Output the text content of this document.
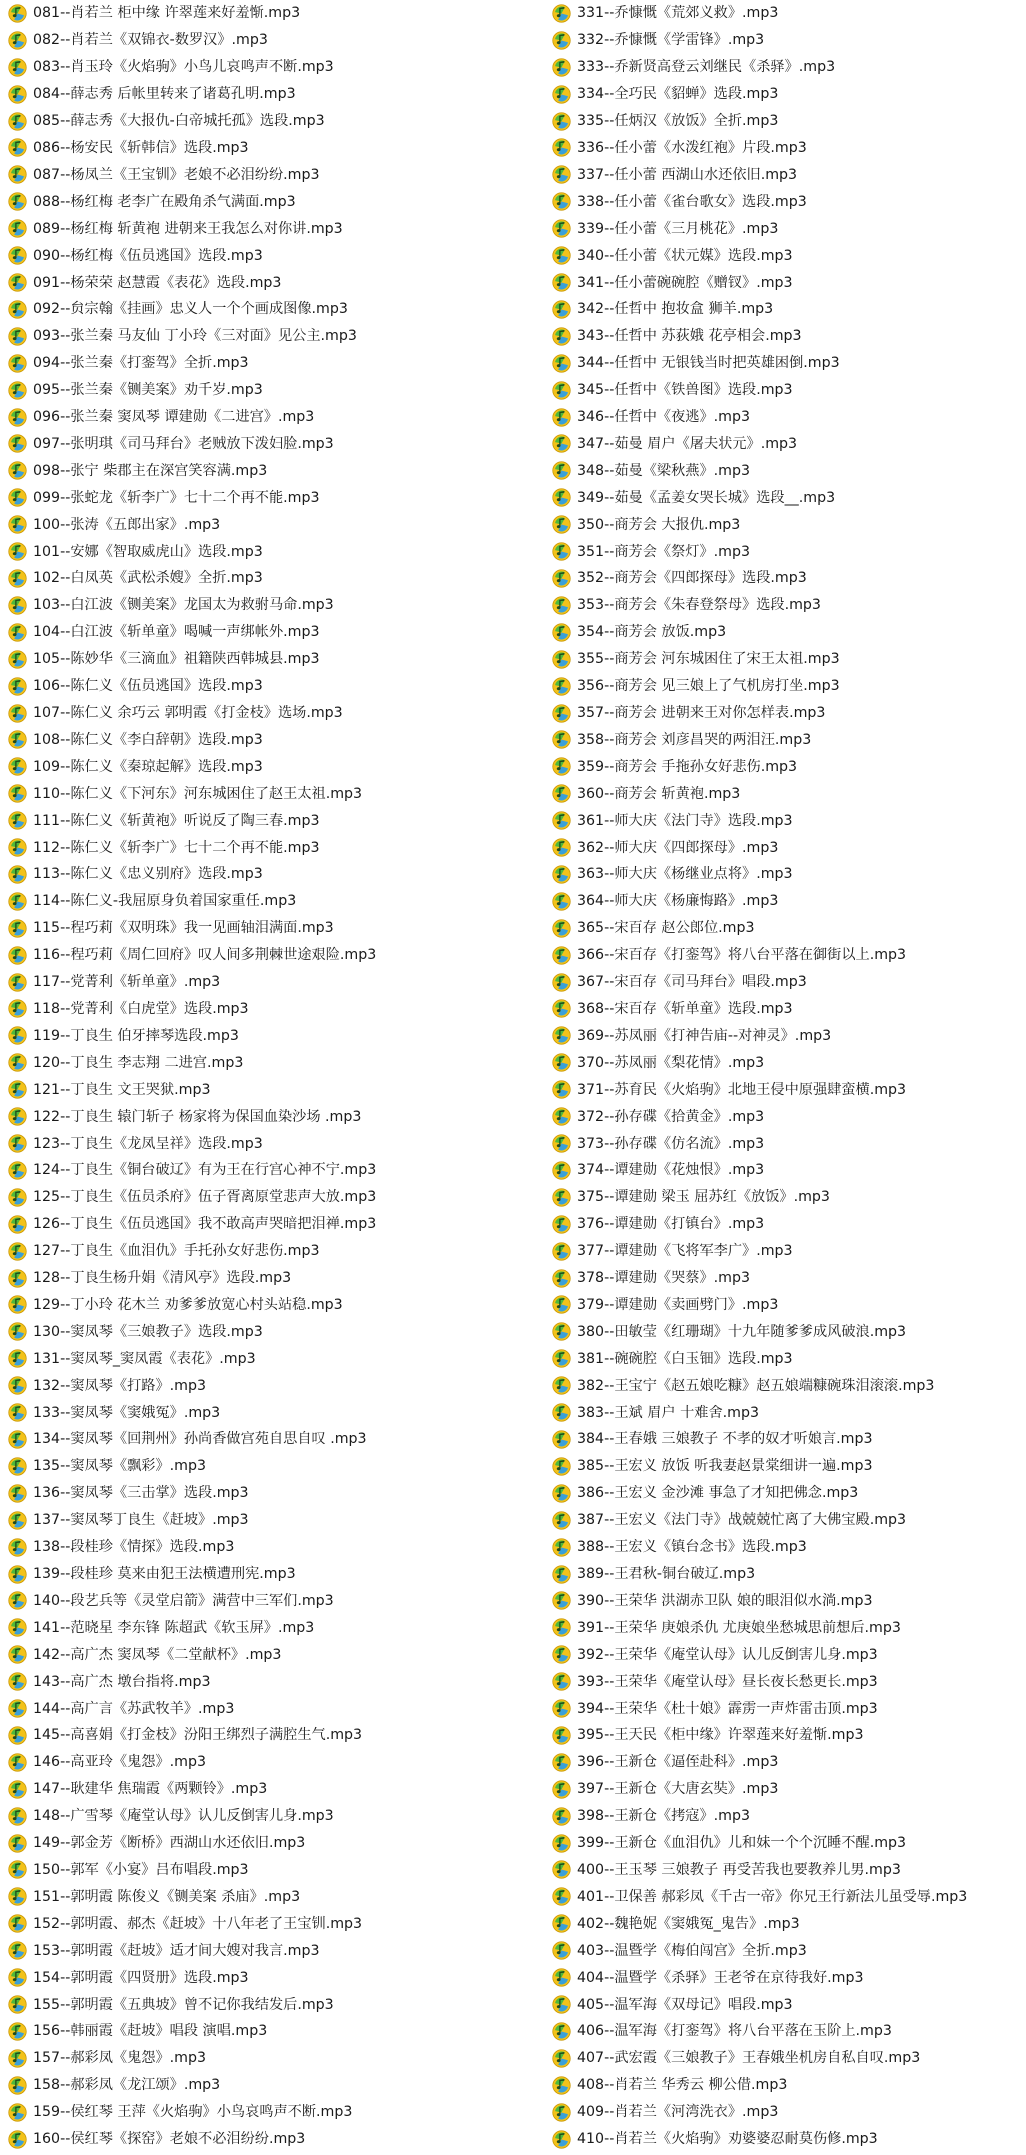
081--肖若兰 柜中缘 许翠莲来好羞惭.mp3
082--肖若兰《双锦衣-数罗汉》.mp3
083--肖玉玲《火焰驹》小鸟儿哀鸣声不断.mp3
084--薛志秀 后帐里转来了诸葛孔明.mp3
085--薛志秀《大报仇-白帝城托孤》选段.mp3
086--杨安民《斩韩信》选段.mp3
087--杨凤兰《王宝钏》老娘不必泪纷纷.mp3
088--杨红梅 老李广在殿角杀气满面.mp3
089--杨红梅 斩黄袍 进朝来王我怎么对你讲.mp3
090--杨红梅《伍员逃国》选段.mp3
091--杨荣荣 赵慧霞《表花》选段.mp3
092--贠宗翰《挂画》忠义人一个个画成图像.mp3
093--张兰秦 马友仙 丁小玲《三对面》见公主.mp3
094--张兰秦《打銮驾》全折.mp3
095--张兰秦《铡美案》劝千岁.mp3
096--张兰秦 窦凤琴 谭建勋《二进宫》.mp3
097--张明琪《司马拜台》老贼放下泼妇脸.mp3
098--张宁 柴郡主在深宫笑容满.mp3
099--张蛇龙《斩李广》七十二个再不能.mp3
100--张涛《五郎出家》.mp3
101--安娜《智取威虎山》选段.mp3
102--白凤英《武松杀嫂》全折.mp3
103--白江波《铡美案》龙国太为救驸马命.mp3
104--白江波《斩单童》喝喊一声绑帐外.mp3
105--陈妙华《三滴血》祖籍陕西韩城县.mp3
106--陈仁义《伍员逃国》选段.mp3
107--陈仁义 余巧云 郭明霞《打金枝》选场.mp3
108--陈仁义《李白辞朝》选段.mp3
109--陈仁义《秦琼起解》选段.mp3
110--陈仁义《下河东》河东城困住了赵王太祖.mp3
111--陈仁义《斩黄袍》听说反了陶三春.mp3
112--陈仁义《斩李广》七十二个再不能.mp3
113--陈仁义《忠义别府》选段.mp3
114--陈仁义-我屈原身负着国家重任.mp3
115--程巧莉《双明珠》我一见画轴泪满面.mp3
116--程巧莉《周仁回府》叹人间多荆棘世途艰险.mp3
117--党菁利《斩单童》.mp3
118--党菁利《白虎堂》选段.mp3
119--丁良生 伯牙摔琴选段.mp3
120--丁良生 李志翔 二进宫.mp3
121--丁良生 文王哭狱.mp3
122--丁良生 辕门斩子 杨家将为保国血染沙场 .mp3
123--丁良生《龙凤呈祥》选段.mp3
124--丁良生《铜台破辽》有为王在行宫心神不宁.mp3
125--丁良生《伍员杀府》伍子胥离原堂悲声大放.mp3
126--丁良生《伍员逃国》我不敢高声哭暗把泪禅.mp3
127--丁良生《血泪仇》手托孙女好悲伤.mp3
128--丁良生杨升娟《清风亭》选段.mp3
129--丁小玲 花木兰 劝爹爹放宽心村头站稳.mp3
130--窦凤琴《三娘教子》选段.mp3
131--窦凤琴_窦凤霞《表花》.mp3
132--窦凤琴《打路》.mp3
133--窦凤琴《窦娥冤》.mp3
134--窦凤琴《回荆州》孙尚香做宫苑自思自叹 .mp3
135--窦凤琴《飘彩》.mp3
136--窦凤琴《三击掌》选段.mp3
137--窦凤琴丁良生《赶坡》.mp3
138--段桂珍《情探》选段.mp3
139--段桂珍 莫来由犯王法横遭刑宪.mp3
140--段艺兵等《灵堂启箭》满营中三军们.mp3
141--范晓星 李东锋 陈超武《软玉屏》.mp3
142--高广杰 窦凤琴《二堂献杯》.mp3
143--高广杰 墩台指将.mp3
144--高广言《苏武牧羊》.mp3
145--高喜娟《打金枝》汾阳王绑烈子满腔生气.mp3
146--高亚玲《鬼怨》.mp3
147--耿建华 焦瑞霞《两颗铃》.mp3
148--广雪琴《庵堂认母》认儿反倒害儿身.mp3
149--郭金芳《断桥》西湖山水还依旧.mp3
150--郭军《小宴》吕布唱段.mp3
151--郭明霞 陈俊义《铡美案 杀庙》.mp3
152--郭明霞、郝杰《赶坡》十八年老了王宝钏.mp3
153--郭明霞《赶坡》适才间大嫂对我言.mp3
154--郭明霞《四贤册》选段.mp3
155--郭明霞《五典坡》曾不记你我结发后.mp3
156--韩丽霞《赶坡》唱段 演唱.mp3
157--郝彩凤《鬼怨》.mp3
158--郝彩凤《龙江颂》.mp3
159--侯红琴 王萍《火焰驹》小鸟哀鸣声不断.mp3
160--侯红琴《探窑》老娘不必泪纷纷.mp3
331--乔慷慨《荒郊义救》.mp3
332--乔慷慨《学雷锋》.mp3
333--乔新贤高登云刘继民《杀驿》.mp3
334--全巧民《貂蝉》选段.mp3
335--任炳汉《放饭》全折.mp3
336--任小蕾《水泼红袍》片段.mp3
337--任小蕾 西湖山水还依旧.mp3
338--任小蕾《雀台歌女》选段.mp3
339--任小蕾《三月桃花》.mp3
340--任小蕾《状元媒》选段.mp3
341--任小蕾碗碗腔《赠钗》.mp3
342--任哲中 抱妆盒 狮羊.mp3
343--任哲中 苏荻娥 花亭相会.mp3
344--任哲中 无银钱当时把英雄困倒.mp3
345--任哲中《铁兽图》选段.mp3
346--任哲中《夜逃》.mp3
347--茹曼 眉户《屠夫状元》.mp3
348--茹曼《梁秋燕》.mp3
349--茹曼《孟姜女哭长城》选段__.mp3
350--商芳会 大报仇.mp3
351--商芳会《祭灯》.mp3
352--商芳会《四郎探母》选段.mp3
353--商芳会《朱春登祭母》选段.mp3
354--商芳会 放饭.mp3
355--商芳会 河东城困住了宋王太祖.mp3
356--商芳会 见三娘上了气机房打坐.mp3
357--商芳会 进朝来王对你怎样表.mp3
358--商芳会 刘彦昌哭的两泪汪.mp3
359--商芳会 手拖孙女好悲伤.mp3
360--商芳会 斩黄袍.mp3
361--师大庆《法门寺》选段.mp3
362--师大庆《四郎探母》.mp3
363--师大庆《杨继业点将》.mp3
364--师大庆《杨廉悔路》.mp3
365--宋百存 赵公郎位.mp3
366--宋百存《打銮驾》将八台平落在御街以上.mp3
367--宋百存《司马拜台》唱段.mp3
368--宋百存《斩单童》选段.mp3
369--苏凤丽《打神告庙--对神灵》.mp3
370--苏凤丽《梨花情》.mp3
371--苏育民《火焰驹》北地王侵中原强肆蛮横.mp3
372--孙存碟《拾黄金》.mp3
373--孙存碟《仿名流》.mp3
374--谭建勋《花烛恨》.mp3
375--谭建勋 梁玉 屈苏红《放饭》.mp3
376--谭建勋《打镇台》.mp3
377--谭建勋《飞将军李广》.mp3
378--谭建勋《哭蔡》.mp3
379--谭建勋《卖画劈门》.mp3
380--田敏莹《红珊瑚》十九年随爹爹成风破浪.mp3
381--碗碗腔《白玉钿》选段.mp3
382--王宝宁《赵五娘吃糠》赵五娘端糠碗珠泪滚滚.mp3
383--王斌 眉户 十难舍.mp3
384--王春娥 三娘教子 不孝的奴才听娘言.mp3
385--王宏义 放饭 听我妻赵景棠细讲一遍.mp3
386--王宏义 金沙滩 事急了才知把佛念.mp3
387--王宏义《法门寺》战兢兢忙离了大佛宝殿.mp3
388--王宏义《镇台念书》选段.mp3
389--王君秋-铜台破辽.mp3
390--王荣华 洪湖赤卫队 娘的眼泪似水淌.mp3
391--王荣华 庚娘杀仇 尤庚娘坐愁城思前想后.mp3
392--王荣华《庵堂认母》认儿反倒害儿身.mp3
393--王荣华《庵堂认母》昼长夜长愁更长.mp3
394--王荣华《杜十娘》霹雳一声炸雷击顶.mp3
395--王天民《柜中缘》许翠莲来好羞惭.mp3
396--王新仓《逼侄赴科》.mp3
397--王新仓《大唐玄奘》.mp3
398--王新仓《拷寇》.mp3
399--王新仓《血泪仇》儿和妹一个个沉睡不醒.mp3
400--王玉琴 三娘教子 再受苦我也要教养儿男.mp3
401--卫保善 郝彩凤《千古一帝》你兄王行新法儿虽受辱.mp3
402--魏艳妮《窦娥冤_鬼告》.mp3
403--温暨学《梅伯闯宫》全折.mp3
404--温暨学《杀驿》王老爷在京待我好.mp3
405--温军海《双母记》唱段.mp3
406--温军海《打銮驾》将八台平落在玉阶上.mp3
407--武宏霞《三娘教子》王春娥坐机房自私自叹.mp3
408--肖若兰 华秀云 柳公借.mp3
409--肖若兰《河湾洗衣》.mp3
410--肖若兰《火焰驹》劝婆婆忍耐莫伤修.mp3
